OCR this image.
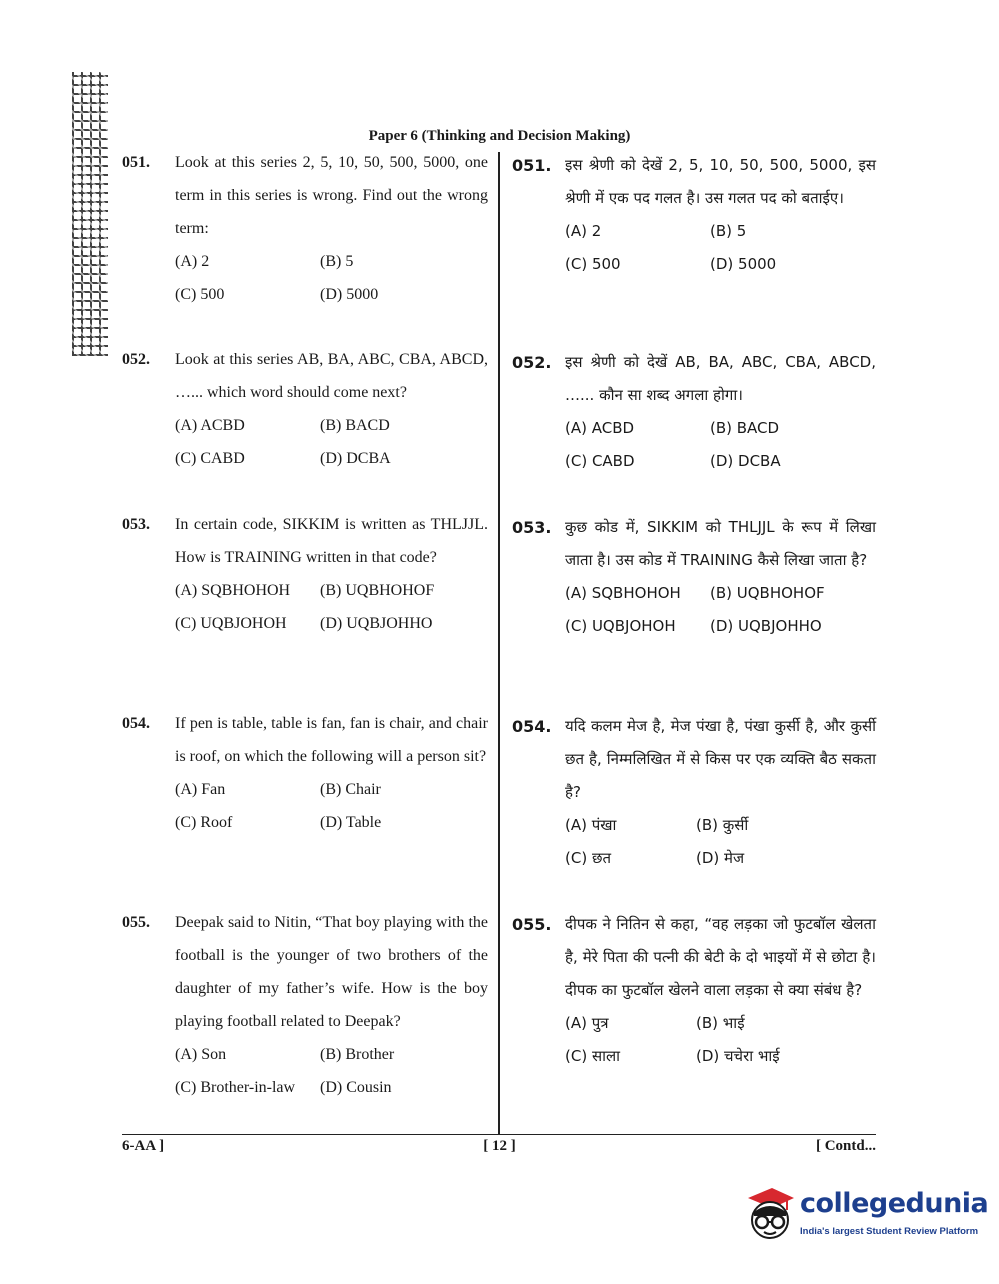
Paper 6 (Thinking and Decision Making)
051. Look at this series 2, 5, 10, 50, 500, 5000, one term in this series is wrong. Find out the wrong term:
(A) 2	(B) 5
(C) 500	(D) 5000
052. Look at this series AB, BA, ABC, CBA, ABCD, …... which word should come next?
(A) ACBD	(B) BACD
(C) CABD	(D) DCBA
053. In certain code, SIKKIM is written as THLJJL. How is TRAINING written in that code?
(A) SQBHOHOH	(B) UQBHOHOF
(C) UQBJOHOH	(D) UQBJOHHO
054. If pen is table, table is fan, fan is chair, and chair is roof, on which the following will a person sit?
(A) Fan	(B) Chair
(C) Roof	(D) Table
055. Deepak said to Nitin, “That boy playing with the football is the younger of two brothers of the daughter of my father’s wife. How is the boy playing football related to Deepak?
(A) Son	(B) Brother
(C) Brother-in-law	(D) Cousin
051. इस श्रेणी को देखें 2, 5, 10, 50, 500, 5000, इस श्रेणी में एक पद गलत है। उस गलत पद को बताईए।
(A) 2	(B) 5
(C) 500	(D) 5000
052. इस श्रेणी को देखें AB, BA, ABC, CBA, ABCD, …... कौन सा शब्द अगला होगा।
(A) ACBD	(B) BACD
(C) CABD	(D) DCBA
053. कुछ कोड में, SIKKIM को THLJJL के रूप में लिखा जाता है। उस कोड में TRAINING कैसे लिखा जाता है?
(A) SQBHOHOH	(B) UQBHOHOF
(C) UQBJOHOH	(D) UQBJOHHO
054. यदि कलम मेज है, मेज पंखा है, पंखा कुर्सी है, और कुर्सी छत है, निम्मलिखित में से किस पर एक व्यक्ति बैठ सकता है?
(A) पंखा	(B) कुर्सी
(C) छत	(D) मेज
055. दीपक ने नितिन से कहा, “वह लड़का जो फुटबॉल खेलता है, मेरे पिता की पत्नी की बेटी के दो भाइयों में से छोटा है। दीपक का फुटबॉल खेलने वाला लड़का से क्या संबंध है?
(A) पुत्र	(B) भाई
(C) साला	(D) चचेरा भाई
6-AA ]	[ 12 ]	[ Contd...
collegedunia
India's largest Student Review Platform
